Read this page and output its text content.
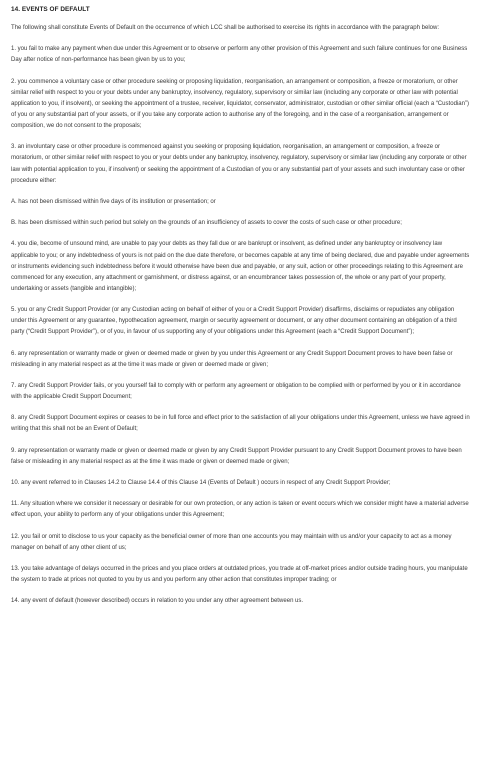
14. EVENTS OF DEFAULT

The following shall constitute Events of Default on the occurrence of which LCC shall be authorised to exercise its rights in accordance with the paragraph below:

1. you fail to make any payment when due under this Agreement or to observe or perform any other provision of this Agreement and such failure continues for one Business Day after notice of non-performance has been given by us to you;

2. you commence a voluntary case or other procedure seeking or proposing liquidation, reorganisation, an arrangement or composition, a freeze or moratorium, or other similar relief with respect to you or your debts under any bankruptcy, insolvency, regulatory, supervisory or similar law (including any corporate or other law with potential application to you, if insolvent), or seeking the appointment of a trustee, receiver, liquidator, conservator, administrator, custodian or other similar official (each a “Custodian”) of you or any substantial part of your assets, or if you take any corporate action to authorise any of the foregoing, and in the case of a reorganisation, arrangement or composition, we do not consent to the proposals;

3. an involuntary case or other procedure is commenced against you seeking or proposing liquidation, reorganisation, an arrangement or composition, a freeze or moratorium, or other similar relief with respect to you or your debts under any bankruptcy, insolvency, regulatory, supervisory or similar law (including any corporate or other law with potential application to you, if insolvent) or seeking the appointment of a Custodian of you or any substantial part of your assets and such involuntary case or other procedure either:

A. has not been dismissed within five days of its institution or presentation; or

B. has been dismissed within such period but solely on the grounds of an insufficiency of assets to cover the costs of such case or other procedure;

4. you die, become of unsound mind, are unable to pay your debts as they fall due or are bankrupt or insolvent, as defined under any bankruptcy or insolvency law applicable to you; or any indebtedness of yours is not paid on the due date therefore, or becomes capable at any time of being declared, due and payable under agreements or instruments evidencing such indebtedness before it would otherwise have been due and payable, or any suit, action or other proceedings relating to this Agreement are commenced for any execution, any attachment or garnishment, or distress against, or an encumbrancer takes possession of, the whole or any part of your property, undertaking or assets (tangible and intangible);

5. you or any Credit Support Provider (or any Custodian acting on behalf of either of you or a Credit Support Provider) disaffirms, disclaims or repudiates any obligation under this Agreement or any guarantee, hypothecation agreement, margin or security agreement or document, or any other document containing an obligation of a third party (“Credit Support Provider”), or of you, in favour of us supporting any of your obligations under this Agreement (each a “Credit Support Document”);

6. any representation or warranty made or given or deemed made or given by you under this Agreement or any Credit Support Document proves to have been false or misleading in any material respect as at the time it was made or given or deemed made or given;

7. any Credit Support Provider fails, or you yourself fail to comply with or perform any agreement or obligation to be complied with or performed by you or it in accordance with the applicable Credit Support Document;

8. any Credit Support Document expires or ceases to be in full force and effect prior to the satisfaction of all your obligations under this Agreement, unless we have agreed in writing that this shall not be an Event of Default;

9. any representation or warranty made or given or deemed made or given by any Credit Support Provider pursuant to any Credit Support Document proves to have been false or misleading in any material respect as at the time it was made or given or deemed made or given;

10. any event referred to in Clauses 14.2 to Clause 14.4 of this Clause 14 (Events of Default ) occurs in respect of any Credit Support Provider;

11. Any situation where we consider it necessary or desirable for our own protection, or any action is taken or event occurs which we consider might have a material adverse effect upon, your ability to perform any of your obligations under this Agreement;

12. you fail or omit to disclose to us your capacity as the beneficial owner of more than one accounts you may maintain with us and/or your capacity to act as a money manager on behalf of any other client of us;

13. you take advantage of delays occurred in the prices and you place orders at outdated prices, you trade at off-market prices and/or outside trading hours, you manipulate the system to trade at prices not quoted to you by us and you perform any other action that constitutes improper trading; or

14. any event of default (however described) occurs in relation to you under any other agreement between us.
